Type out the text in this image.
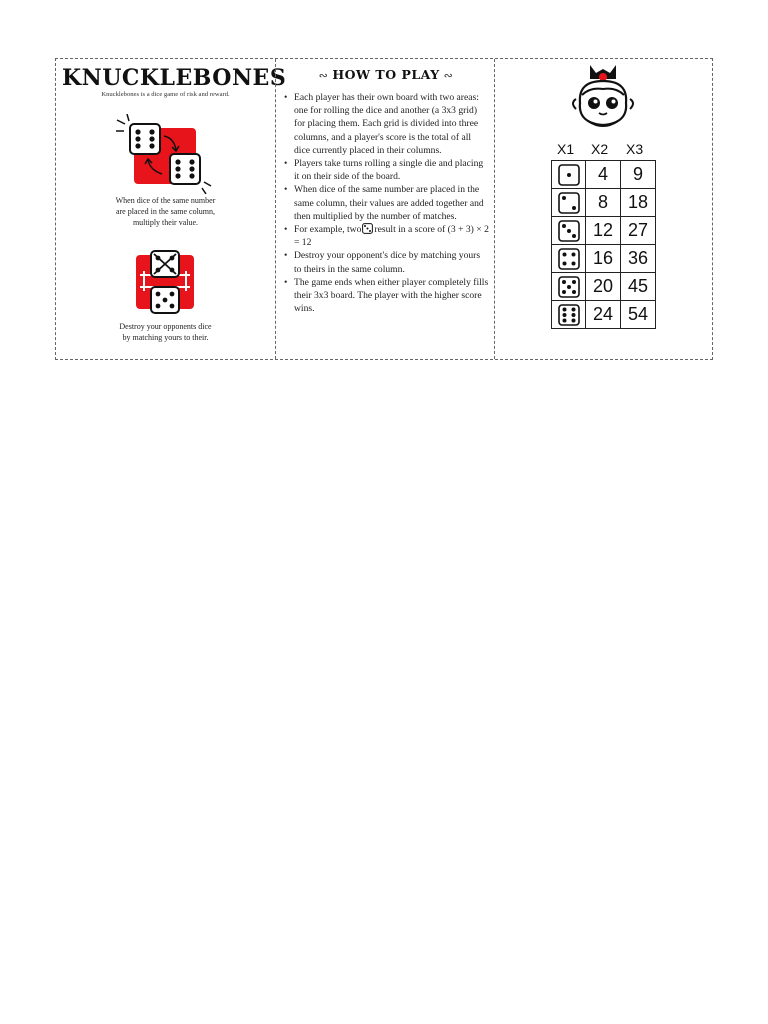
KNUCKLEBONES
Knucklebones is a dice game of risk and reward.
When dice of the same number
are placed in the same column,
multiply their value.
Destroy your opponents dice
by matching yours to their.
∾ HOW TO PLAY ∾
• Each player has their own board with two areas: one for rolling the dice and another (a 3x3 grid) for placing them. Each grid is divided into three columns, and a player's score is the total of all dice currently placed in their columns.
• Players take turns rolling a single die and placing it on their side of the board.
• When dice of the same number are placed in the same column, their values are added together and then multiplied by the number of matches.
• For example, two result in a score of (3 + 3) × 2 = 12
• Destroy your opponent's dice by matching yours to theirs in the same column.
• The game ends when either player completely fills their 3x3 board. The player with the higher score wins.
X1 X2 X3
	4	9

	8	18

	12	27

	16	36

	20	45

	24	54
